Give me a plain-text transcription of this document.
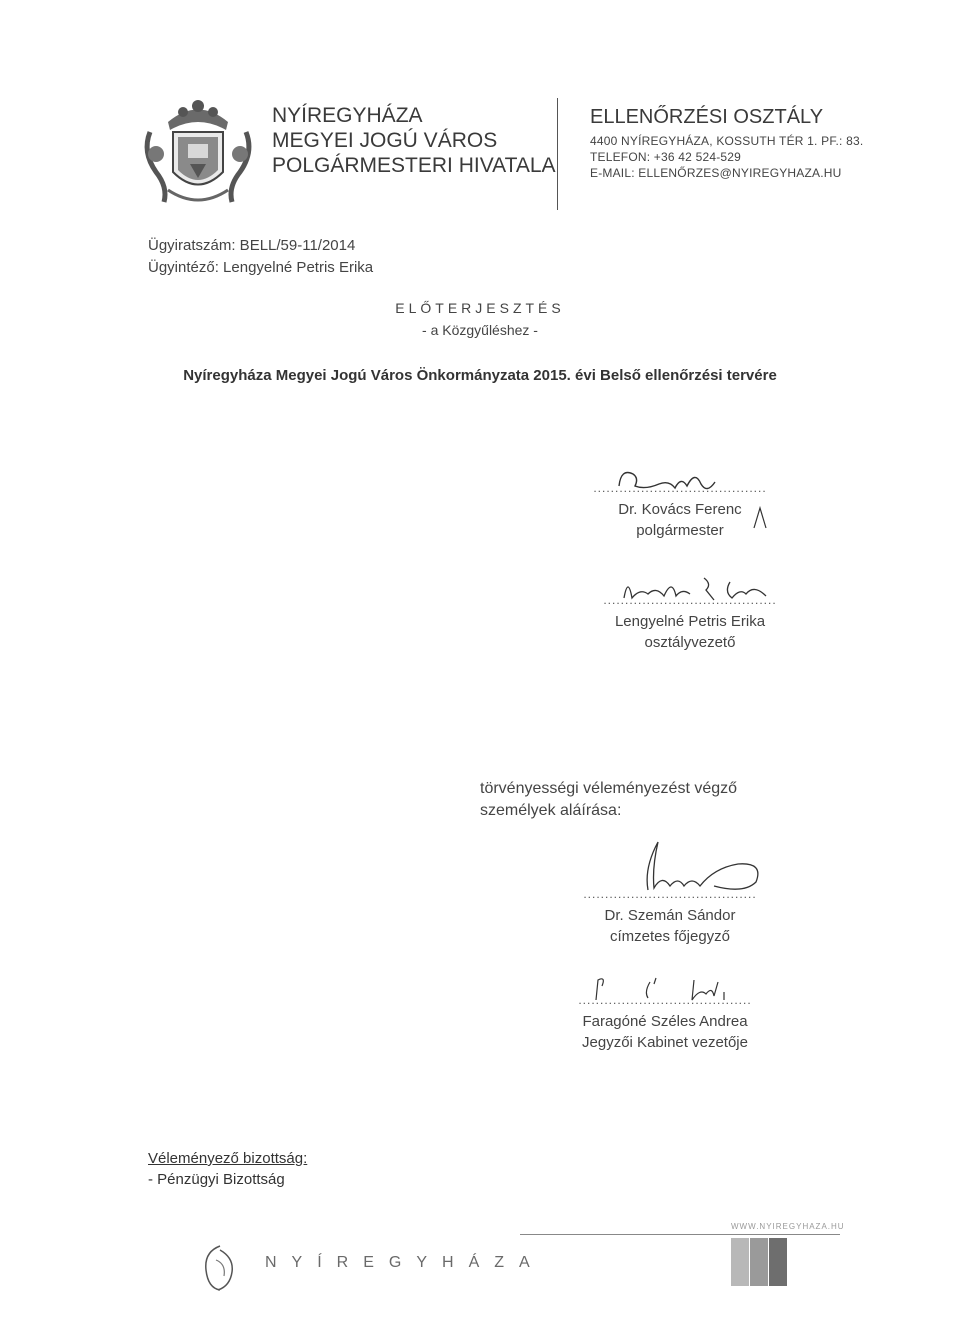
NYÍREGYHÁZA
MEGYEI JOGÚ VÁROS
POLGÁRMESTERI HIVATALA
ELLENŐRZÉSI OSZTÁLY
4400 NYÍREGYHÁZA, KOSSUTH TÉR 1. PF.: 83.
TELEFON: +36 42 524-529
E-MAIL: ELLENŐRZES@NYIREGYHAZA.HU
Ügyiratszám: BELL/59-11/2014
Ügyintéző: Lengyelné Petris Erika
ELŐTERJESZTÉS
- a Közgyűléshez -
Nyíregyháza Megyei Jogú Város Önkormányzata 2015. évi Belső ellenőrzési tervére
........................................
Dr. Kovács Ferenc
polgármester
........................................
Lengyelné Petris Erika
osztályvezető
törvényességi véleményezést végző
személyek aláírása:
........................................
Dr. Szemán Sándor
címzetes főjegyző
........................................
Faragóné Széles Andrea
Jegyzői Kabinet vezetője
Véleményező bizottság:
- Pénzügyi Bizottság
WWW.NYIREGYHAZA.HU
NYÍREGYHÁZA
